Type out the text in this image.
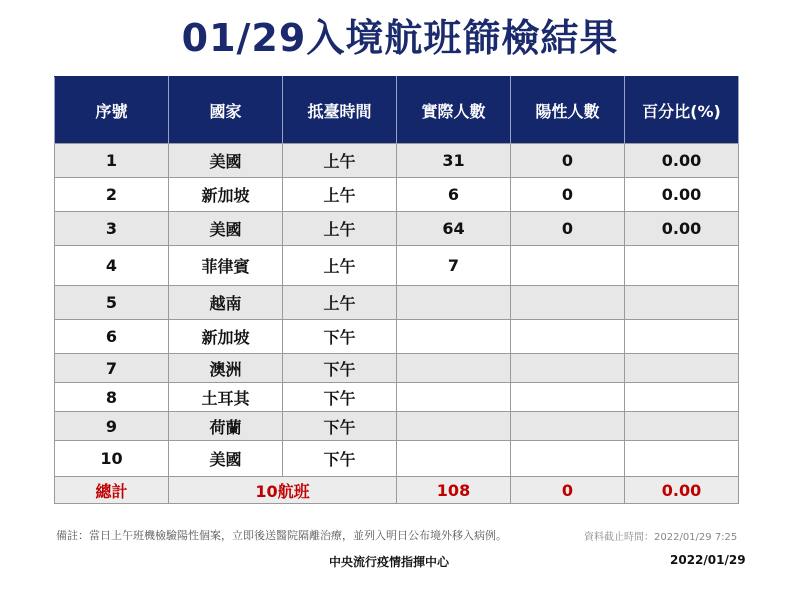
01/29入境航班篩檢結果
序號	國家	抵臺時間	實際人數	陽性人數	百分比(%)
1	美國	上午	31	0	0.00
2	新加坡	上午	6	0	0.00
3	美國	上午	64	0	0.00
4	菲律賓	上午	7		
5	越南	上午			
6	新加坡	下午			
7	澳洲	下午			
8	土耳其	下午			
9	荷蘭	下午			
10	美國	下午			
總計	10航班		108	0	0.00
備註：當日上午班機檢驗陽性個案，立即後送醫院隔離治療，並列入明日公布境外移入病例。	資料截止時間：2022/01/29 7:25
中央流行疫情指揮中心	2022/01/29
